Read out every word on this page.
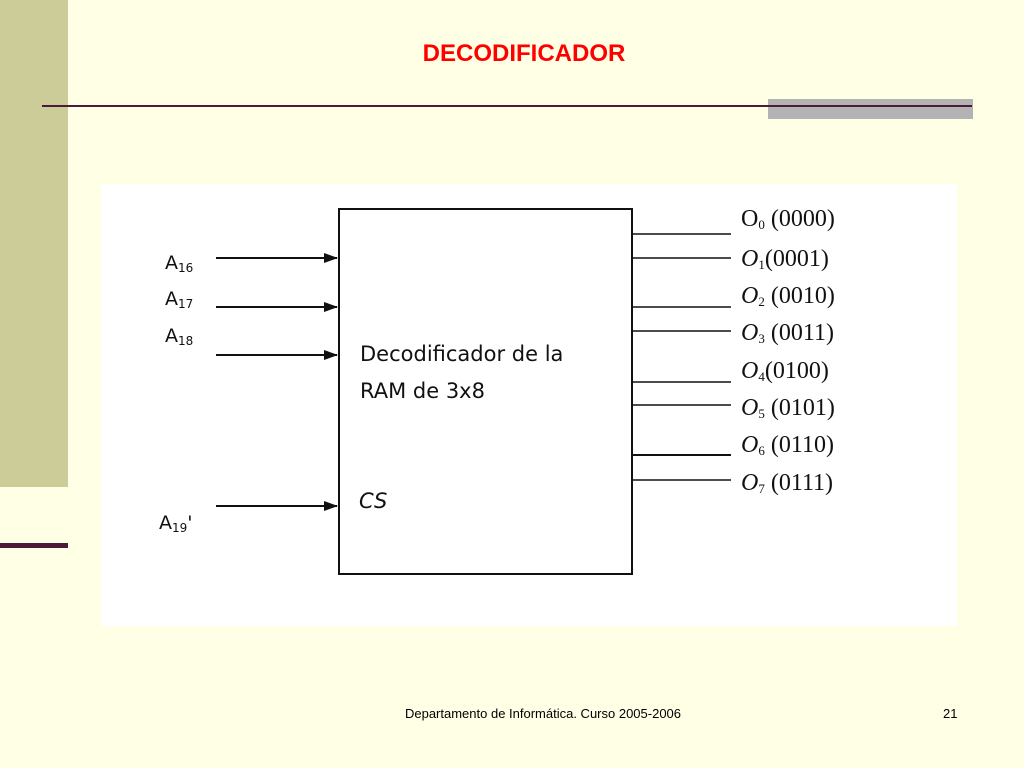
DECODIFICADOR
Decodificador de la
RAM de 3x8
CS
$A_{16}$
$A_{17}$
$A_{18}$
$A_{19}'$
$O_0$ (0000)
$O_1(0001)$
$O_2$ (0010)
$O_3$ (0011)
$O_4(0100)$
$O_5$ (0101)
$O_6$ (0110)
$O_7$ (0111)
Departamento de Informática. Curso 2005-2006	21
